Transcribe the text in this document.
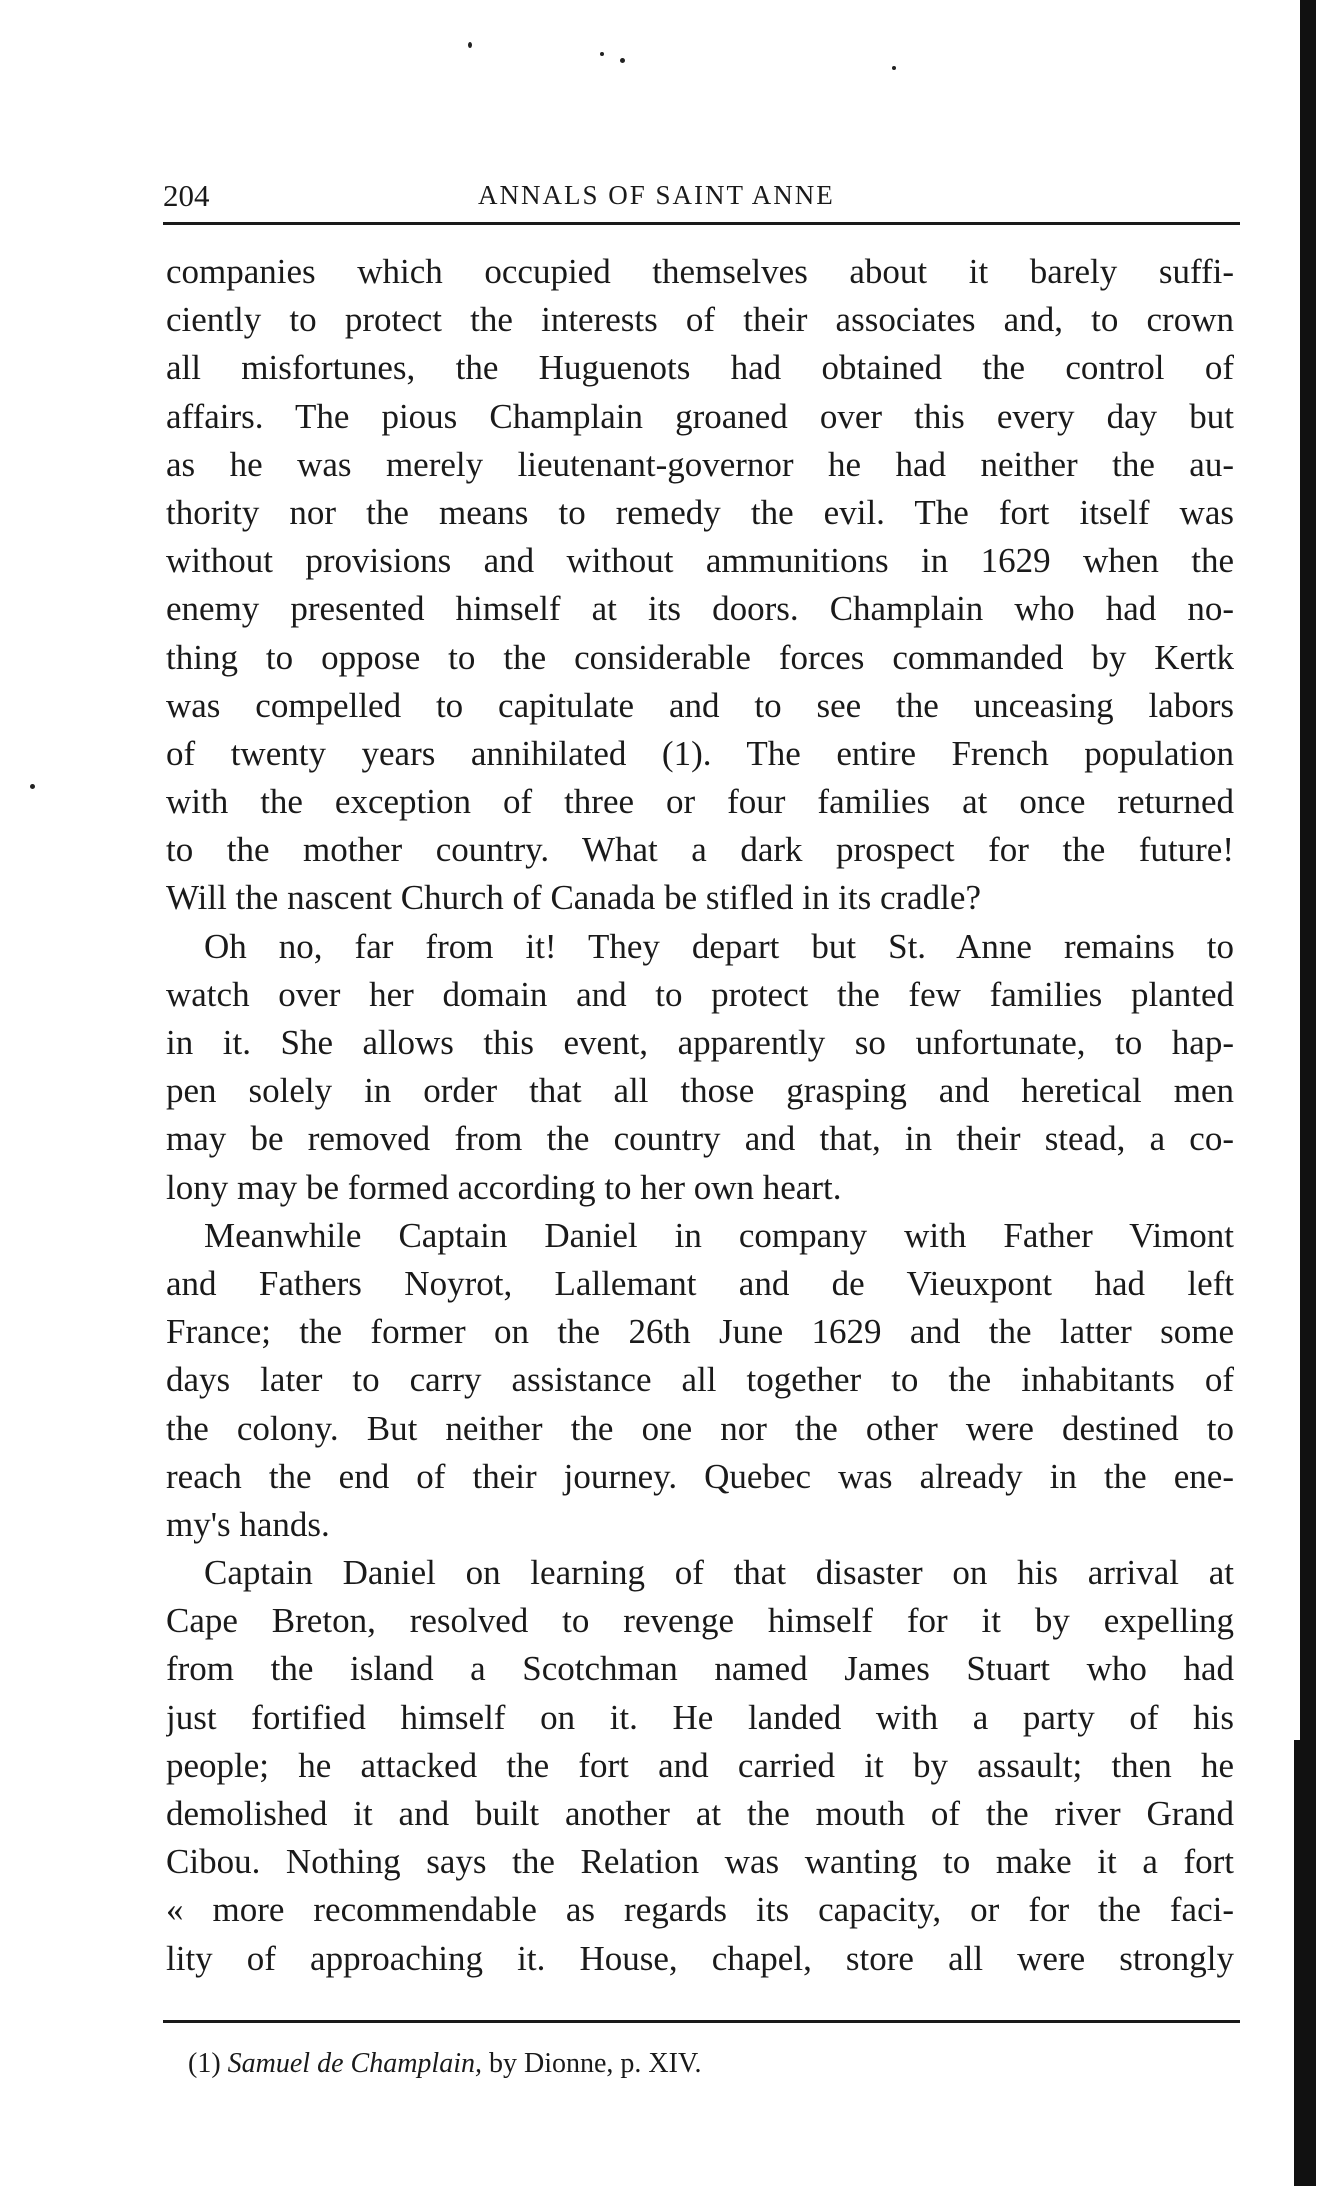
204	ANNALS OF SAINT ANNE
companies which occupied themselves about it barely suffi-
ciently to protect the interests of their associates and, to crown
all misfortunes, the Huguenots had obtained the control of
affairs. The pious Champlain groaned over this every day but
as he was merely lieutenant-governor he had neither the au-
thority nor the means to remedy the evil. The fort itself was
without provisions and without ammunitions in 1629 when the
enemy presented himself at its doors. Champlain who had no-
thing to oppose to the considerable forces commanded by Kertk
was compelled to capitulate and to see the unceasing labors
of twenty years annihilated (1). The entire French population
with the exception of three or four families at once returned
to the mother country. What a dark prospect for the future!
Will the nascent Church of Canada be stifled in its cradle?
Oh no, far from it! They depart but St. Anne remains to
watch over her domain and to protect the few families planted
in it. She allows this event, apparently so unfortunate, to hap-
pen solely in order that all those grasping and heretical men
may be removed from the country and that, in their stead, a co-
lony may be formed according to her own heart.
Meanwhile Captain Daniel in company with Father Vimont
and Fathers Noyrot, Lallemant and de Vieuxpont had left
France; the former on the 26th June 1629 and the latter some
days later to carry assistance all together to the inhabitants of
the colony. But neither the one nor the other were destined to
reach the end of their journey. Quebec was already in the ene-
my's hands.
Captain Daniel on learning of that disaster on his arrival at
Cape Breton, resolved to revenge himself for it by expelling
from the island a Scotchman named James Stuart who had
just fortified himself on it. He landed with a party of his
people; he attacked the fort and carried it by assault; then he
demolished it and built another at the mouth of the river Grand
Cibou. Nothing says the Relation was wanting to make it a fort
« more recommendable as regards its capacity, or for the faci-
lity of approaching it. House, chapel, store all were strongly
(1) Samuel de Champlain, by Dionne, p. XIV.
